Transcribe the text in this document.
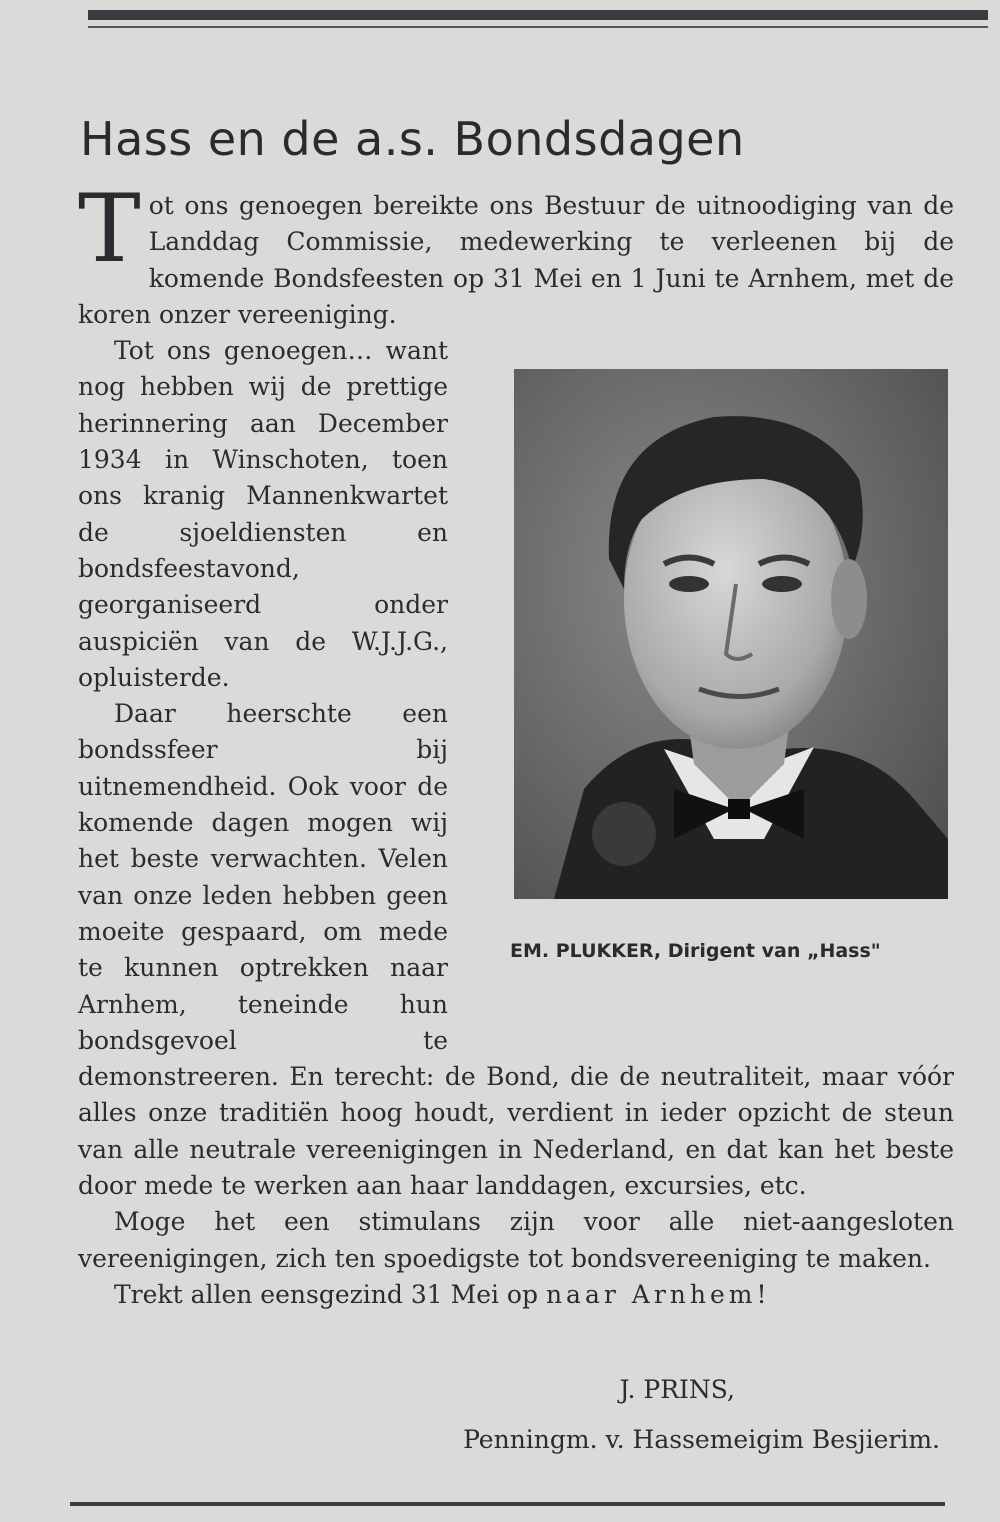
Hass en de a.s. Bondsdagen

Tot ons genoegen bereikte ons Bestuur de uitnoodiging van de Landdag Commissie, medewerking te verleenen bij de komende Bondsfeesten op 31 Mei en 1 Juni te Arnhem, met de koren onzer vereeniging.

EM. PLUKKER, Dirigent van „Hass"

Tot ons genoegen… want nog hebben wij de prettige herinnering aan December 1934 in Winschoten, toen ons kranig Mannenkwartet de sjoeldiensten en bondsfeestavond, georganiseerd onder auspiciën van de W.J.J.G., opluisterde.

Daar heerschte een bondssfeer bij uitnemendheid. Ook voor de komende dagen mogen wij het beste verwachten. Velen van onze leden hebben geen moeite gespaard, om mede te kunnen optrekken naar Arnhem, teneinde hun bondsgevoel te demonstreeren. En terecht: de Bond, die de neutraliteit, maar vóór alles onze traditiën hoog houdt, verdient in ieder opzicht de steun van alle neutrale vereenigingen in Nederland, en dat kan het beste door mede te werken aan haar landdagen, excursies, etc.

Moge het een stimulans zijn voor alle niet-aangesloten vereenigingen, zich ten spoedigste tot bondsvereeniging te maken.

Trekt allen eensgezind 31 Mei op naar Arnhem!

J. PRINS,
Penningm. v. Hassemeigim Besjierim.
